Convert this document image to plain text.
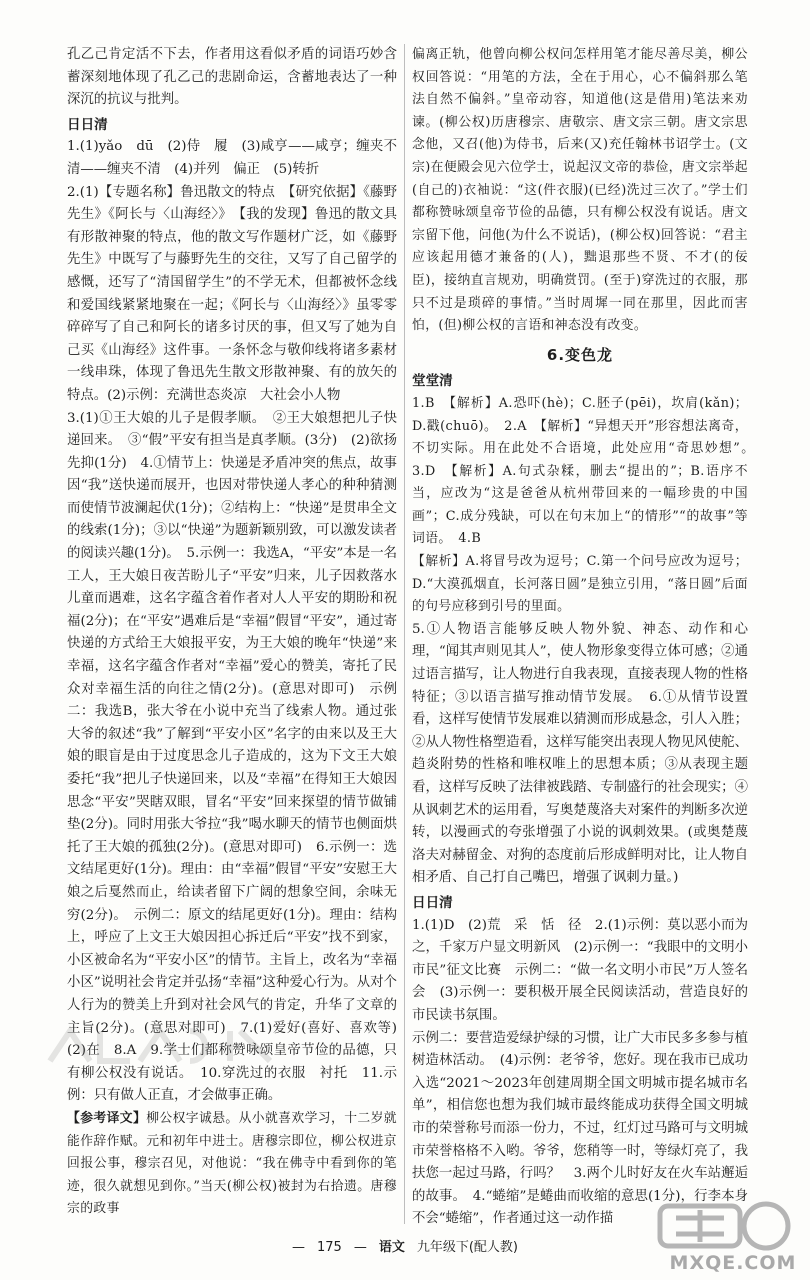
孔乙己肯定活不下去，作者用这看似矛盾的词语巧妙含蓄深刻地体现了孔乙己的悲剧命运，含蓄地表达了一种深沉的抗议与批判。

日日清

1.(1)yǎo　dū　(2)侍　履　(3)咸亨——咸亨；缠夹不清——缠夹不清　(4)并列　偏正　(5)转折

2.(1)【专题名称】鲁迅散文的特点　【研究依据】《藤野先生》《阿长与〈山海经〉》　【我的发现】鲁迅的散文具有形散神聚的特点，他的散文写作题材广泛，如《藤野先生》中既写了与藤野先生的交往，又写了自己留学的感慨，还写了“清国留学生”的不学无术，但都被怀念线和爱国线紧紧地聚在一起；《阿长与〈山海经〉》虽零零碎碎写了自己和阿长的诸多讨厌的事，但又写了她为自己买《山海经》这件事。一条怀念与敬仰线将诸多素材一线串珠，体现了鲁迅先生散文形散神聚、有的放矢的特点。(2)示例：充满世态炎凉　大社会小人物

3.(1)①王大娘的儿子是假孝顺。　②王大娘想把儿子快递回来。　③“假”平安有担当是真孝顺。(3分)　(2)欲扬先抑(1分)　4.①情节上：快递是矛盾冲突的焦点，故事因“我”送快递而展开，也因对带快递人孝心的种种猜测而使情节波澜起伏(1分)；②结构上：“快递”是贯串全文的线索(1分)；③以“快递”为题新颖别致，可以激发读者的阅读兴趣(1分)。　5.示例一：我选A，“平安”本是一名工人，王大娘日夜苦盼儿子“平安”归来，儿子因救落水儿童而遇难，这名字蕴含着作者对人人平安的期盼和祝福(2分)；在“平安”遇难后是“幸福”假冒“平安”，通过寄快递的方式给王大娘报平安，为王大娘的晚年“快递”来幸福，这名字蕴含作者对“幸福”爱心的赞美，寄托了民众对幸福生活的向往之情(2分)。(意思对即可)　示例二：我选B，张大爷在小说中充当了线索人物。通过张大爷的叙述“我”了解到“平安小区”名字的由来以及王大娘的眼盲是由于过度思念儿子造成的，这为下文王大娘委托“我”把儿子快递回来，以及“幸福”在得知王大娘因思念“平安”哭瞎双眼，冒名“平安”回来探望的情节做铺垫(2分)。同时用张大爷拉“我”喝水聊天的情节也侧面烘托了王大娘的孤独(2分)。(意思对即可)　6.示例一：选文结尾更好(1分)。理由：由“幸福”假冒“平安”安慰王大娘之后戛然而止，给读者留下广阔的想象空间，余味无穷(2分)。　示例二：原文的结尾更好(1分)。理由：结构上，呼应了上文王大娘因担心拆迁后“平安”找不到家，小区被命名为“平安小区”的情节。主旨上，改名为“幸福小区”说明社会肯定并弘扬“幸福”这种爱心行为。从对个人行为的赞美上升到对社会风气的肯定，升华了文章的主旨(2分)。(意思对即可)　7.(1)爱好(喜好、喜欢等)　(2)在　8.A　9.学士们都称赞咏颂皇帝节俭的品德，只有柳公权没有说话。　10.穿洗过的衣服　衬托　11.示例：只有做人正直，才会做事正确。

【参考译文】柳公权字诚悬。从小就喜欢学习，十二岁就能作辞作赋。元和初年中进士。唐穆宗即位，柳公权进京回报公事，穆宗召见，对他说：“我在佛寺中看到你的笔迹，很久就想见到你。”当天(柳公权)被封为右拾遗。唐穆宗的政事

偏离正轨，他曾向柳公权问怎样用笔才能尽善尽美，柳公权回答说：“用笔的方法，全在于用心，心不偏斜那么笔法自然不偏斜。”皇帝动容，知道他(这是借用)笔法来劝谏。(柳公权)历唐穆宗、唐敬宗、唐文宗三朝。唐文宗思念他，又召(他)为侍书，后来(又)充任翰林书诏学士。(文宗)在便殿会见六位学士，说起汉文帝的恭俭，唐文宗举起(自己的)衣袖说：“这(件衣服)(已经)洗过三次了。”学士们都称赞咏颂皇帝节俭的品德，只有柳公权没有说话。唐文宗留下他，问他(为什么不说话)，(柳公权)回答说：“君主应该起用德才兼备的(人)，黜退那些不贤、不才(的佞臣)，接纳直言规劝，明确赏罚。(至于)穿洗过的衣服，那只不过是琐碎的事情。”当时周墀一同在那里，因此而害怕，(但)柳公权的言语和神态没有改变。

6.变色龙

堂堂清

1.B　【解析】A.恐吓(hè)；C.胚子(pēi)，坎肩(kǎn)；D.戳(chuō)。　2.A　【解析】“异想天开”形容想法离奇，不切实际。用在此处不合语境，此处应用“奇思妙想”。　3.D　【解析】A.句式杂糅，删去“提出的”；B.语序不当，应改为“这是爸爸从杭州带回来的一幅珍贵的中国画”；C.成分残缺，可以在句末加上“的情形”“的故事”等词语。　4.B

【解析】A.将冒号改为逗号；C.第一个问号应改为逗号；D.“大漠孤烟直，长河落日圆”是独立引用，“落日圆”后面的句号应移到引号的里面。

5.①人物语言能够反映人物外貌、神态、动作和心理，“闻其声则见其人”，使人物形象变得立体可感；②通过语言描写，让人物进行自我表现，直接表现人物的性格特征；③以语言描写推动情节发展。　6.①从情节设置看，这样写使情节发展难以猜测而形成悬念，引人入胜；②从人物性格塑造看，这样写能突出表现人物见风使舵、趋炎附势的性格和唯权唯上的思想本质；③从表现主题看，这样写反映了法律被践踏、专制盛行的社会现实；④从讽刺艺术的运用看，写奥楚蔑洛夫对案件的判断多次逆转，以漫画式的夸张增强了小说的讽刺效果。(或奥楚蔑洛夫对赫留金、对狗的态度前后形成鲜明对比，让人物自相矛盾、自己打自己嘴巴，增强了讽刺力量。)

日日清

1.(1)D　(2)荒　采　恬　径　2.(1)示例：莫以恶小而为之，千家万户显文明新风　(2)示例一：“我眼中的文明小市民”征文比赛　示例二：“做一名文明小市民”万人签名会　(3)示例一：要积极开展全民阅读活动，营造良好的市民读书氛围。

示例二：要营造爱绿护绿的习惯，让广大市民多多参与植树造林活动。　(4)示例：老爷爷，您好。现在我市已成功入选“2021～2023年创建周期全国文明城市提名城市名单”，相信您也想为我们城市最终能成功获得全国文明城市的荣誉称号而添一份力，不过，红灯过马路可与文明城市荣誉格格不入哟。爷爷，您稍等一时，等绿灯亮了，我扶您一起过马路，行吗？　3.两个儿时好友在火车站邂逅的故事。　4.“蜷缩”是蜷曲而收缩的意思(1分)，行李本身不会“蜷缩”，作者通过这一动作描

— 175 — 语文 九年级下(配人教)
MXQE.COM
